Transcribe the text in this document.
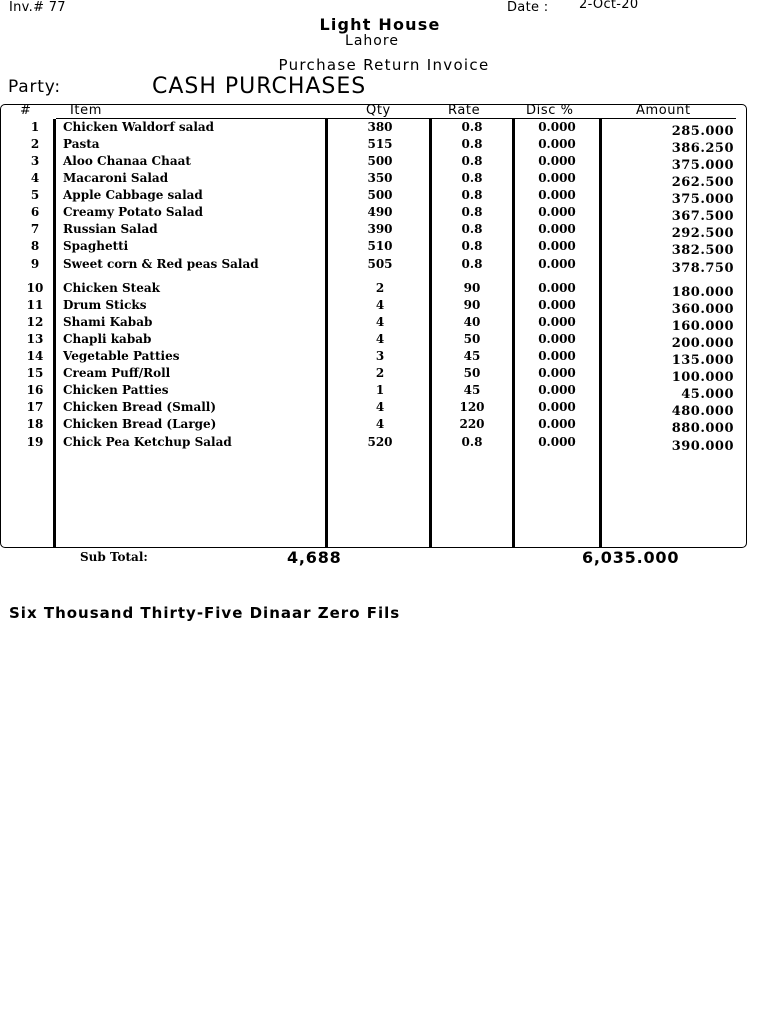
Inv.# 77	Date : 2-Oct-20
Light House
Lahore
Purchase Return Invoice
Party:	CASH PURCHASES
#	Item	Qty	Rate	Disc %	Amount
1	Chicken Waldorf salad	380	0.8	0.000	285.000
2	Pasta	515	0.8	0.000	386.250
3	Aloo Chanaa Chaat	500	0.8	0.000	375.000
4	Macaroni Salad	350	0.8	0.000	262.500
5	Apple Cabbage salad	500	0.8	0.000	375.000
6	Creamy Potato Salad	490	0.8	0.000	367.500
7	Russian Salad	390	0.8	0.000	292.500
8	Spaghetti	510	0.8	0.000	382.500
9	Sweet corn & Red peas Salad	505	0.8	0.000	378.750
10	Chicken Steak	2	90	0.000	180.000
11	Drum Sticks	4	90	0.000	360.000
12	Shami Kabab	4	40	0.000	160.000
13	Chapli kabab	4	50	0.000	200.000
14	Vegetable Patties	3	45	0.000	135.000
15	Cream Puff/Roll	2	50	0.000	100.000
16	Chicken Patties	1	45	0.000	45.000
17	Chicken Bread (Small)	4	120	0.000	480.000
18	Chicken Bread (Large)	4	220	0.000	880.000
19	Chick Pea Ketchup Salad	520	0.8	0.000	390.000
Sub Total:	4,688	6,035.000
Six Thousand Thirty-Five Dinaar Zero Fils
